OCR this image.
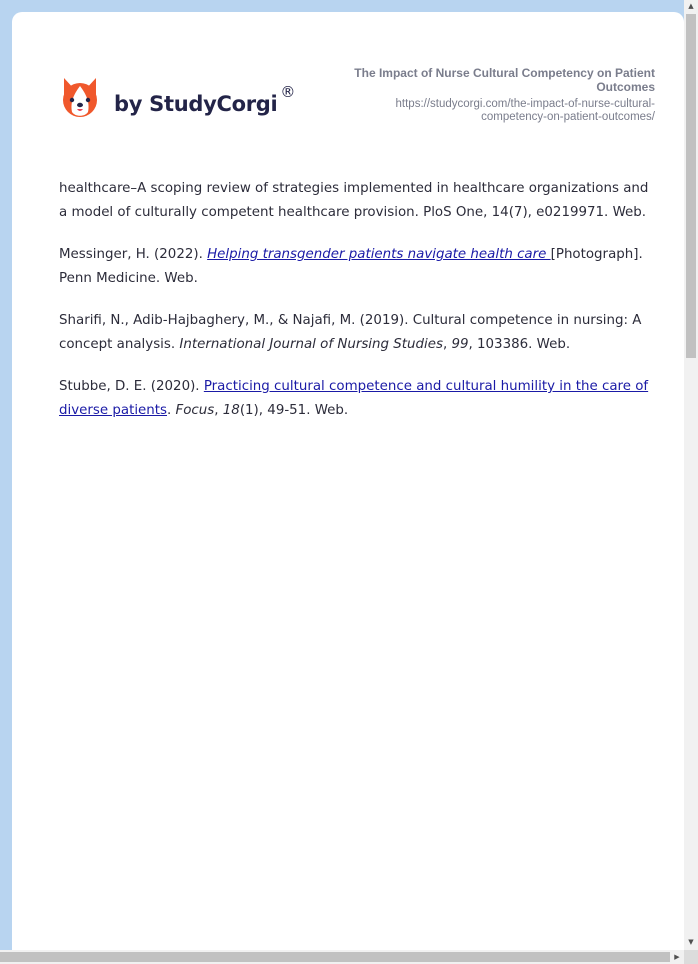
by StudyCorgi ®
The Impact of Nurse Cultural Competency on Patient Outcomes
https://studycorgi.com/the-impact-of-nurse-cultural-competency-on-patient-outcomes/

healthcare–A scoping review of strategies implemented in healthcare organizations and a model of culturally competent healthcare provision. PloS One, 14(7), e0219971. Web.

Messinger, H. (2022). Helping transgender patients navigate health care [Photograph]. Penn Medicine. Web.

Sharifi, N., Adib-Hajbaghery, M., & Najafi, M. (2019). Cultural competence in nursing: A concept analysis. International Journal of Nursing Studies, 99, 103386. Web.

Stubbe, D. E. (2020). Practicing cultural competence and cultural humility in the care of diverse patients. Focus, 18(1), 49-51. Web.

▲
▼
▶
